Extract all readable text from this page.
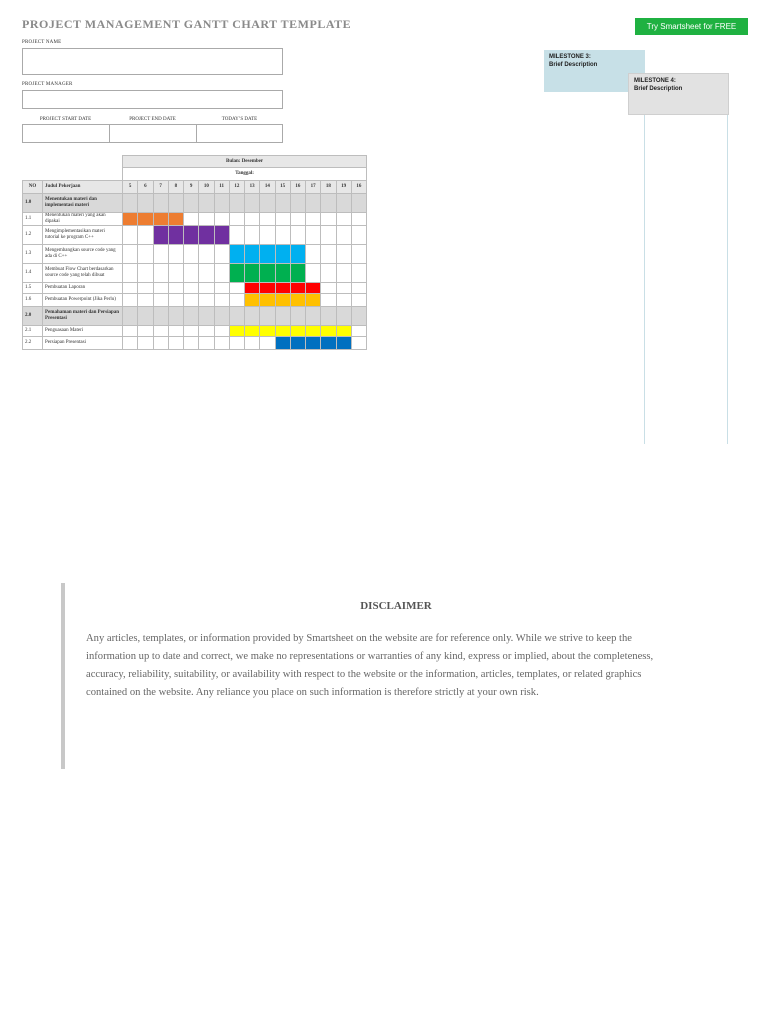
PROJECT MANAGEMENT GANTT CHART TEMPLATE	Try Smartsheet for FREE
PROJECT NAME
PROJECT MANAGER
PROJECT START DATE	PROJECT END DATE	TODAY’S DATE
MILESTONE 3:
Brief Description
MILESTONE 4:
Brief Description
		Bulan: Desember															
		Tanggal:															
NO	Judul Pekerjaan	5	6	7	8	9	10	11	12	13	14	15	16	17	18	19	16
1.0	Menentukan materi dan implementasi materi																
1.1	Menentukan materi yang akan dipakai																
1.2	Mengimplementasikan materi tutorial ke program C++																
1.3	Mengembangkan source code yang ada di C++																
1.4	Membuat Flow Chart berdasarkan source code yang telah dibuat																
1.5	Pembuatan Laporan																
1.6	Pembuatan Powerpoint (Jika Perlu)																
2.0	Pemahaman materi dan Persiapan Presentasi																
2.1	Penguasaan Materi																
2.2	Persiapan Presentasi																
DISCLAIMER
Any articles, templates, or information provided by Smartsheet on the website are for reference only. While we strive to keep the information up to date and correct, we make no representations or warranties of any kind, express or implied, about the completeness, accuracy, reliability, suitability, or availability with respect to the website or the information, articles, templates, or related graphics contained on the website. Any reliance you place on such information is therefore strictly at your own risk.
